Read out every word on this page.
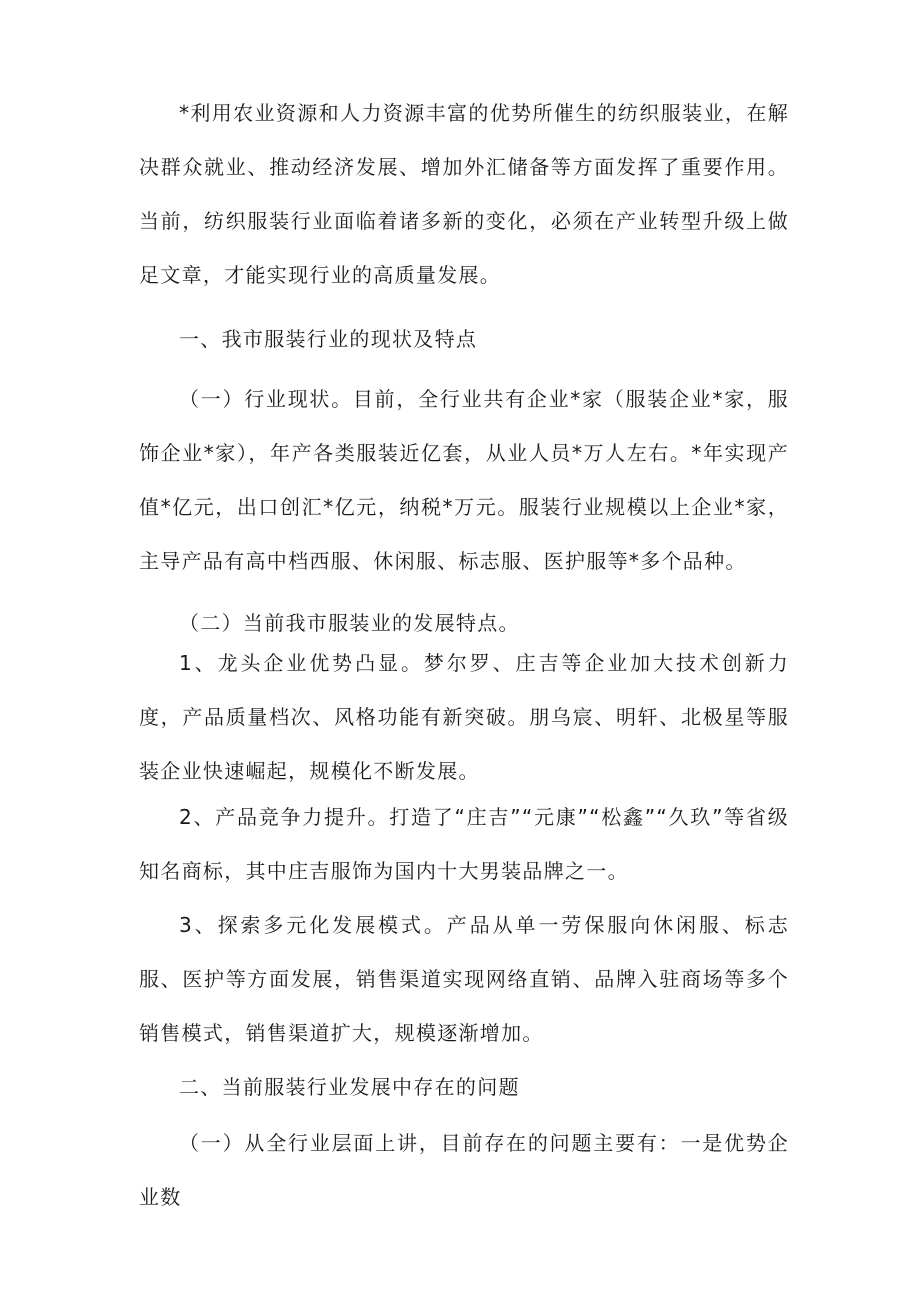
*利用农业资源和人力资源丰富的优势所催生的纺织服装业，在解决群众就业、推动经济发展、增加外汇储备等方面发挥了重要作用。当前，纺织服装行业面临着诸多新的变化，必须在产业转型升级上做足文章，才能实现行业的高质量发展。

一、我市服装行业的现状及特点

（一）行业现状。目前，全行业共有企业*家（服装企业*家，服饰企业*家），年产各类服装近亿套，从业人员*万人左右。*年实现产值*亿元，出口创汇*亿元，纳税*万元。服装行业规模以上企业*家，主导产品有高中档西服、休闲服、标志服、医护服等*多个品种。

（二）当前我市服装业的发展特点。

1、龙头企业优势凸显。梦尔罗、庄吉等企业加大技术创新力度，产品质量档次、风格功能有新突破。朋乌宸、明轩、北极星等服装企业快速崛起，规模化不断发展。

2、产品竞争力提升。打造了“庄吉”“元康”“松鑫”“久玖”等省级知名商标，其中庄吉服饰为国内十大男装品牌之一。

3、探索多元化发展模式。产品从单一劳保服向休闲服、标志服、医护等方面发展，销售渠道实现网络直销、品牌入驻商场等多个销售模式，销售渠道扩大，规模逐渐增加。

二、当前服装行业发展中存在的问题

（一）从全行业层面上讲，目前存在的问题主要有：一是优势企业数
